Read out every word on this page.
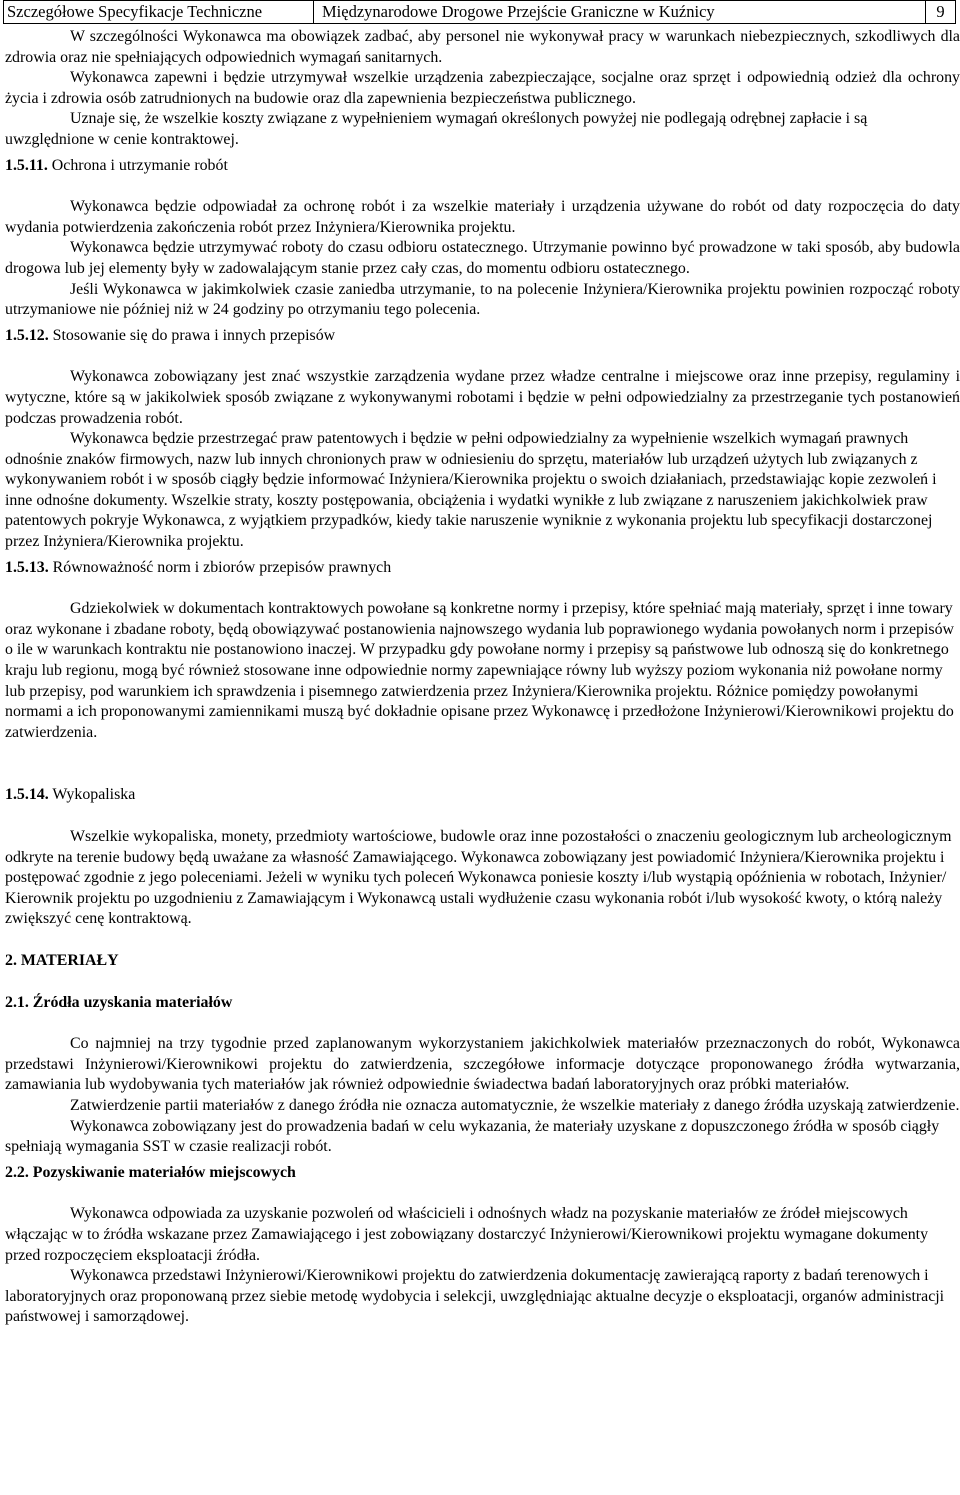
Szczegółowe Specyfikacje Techniczne	Międzynarodowe Drogowe Przejście Graniczne w Kuźnicy	9

W szczególności Wykonawca ma obowiązek zadbać, aby personel nie wykonywał pracy w warunkach niebezpiecznych, szkodliwych dla zdrowia oraz nie spełniających odpowiednich wymagań sanitarnych.

Wykonawca zapewni i będzie utrzymywał wszelkie urządzenia zabezpieczające, socjalne oraz sprzęt i odpowiednią odzież dla ochrony życia i zdrowia osób zatrudnionych na budowie oraz dla zapewnienia bezpieczeństwa publicznego.

Uznaje się, że wszelkie koszty związane z wypełnieniem wymagań określonych powyżej nie podlegają odrębnej zapłacie i są uwzględnione w cenie kontraktowej.

1.5.11. Ochrona i utrzymanie robót

Wykonawca będzie odpowiadał za ochronę robót i za wszelkie materiały i urządzenia używane do robót od daty rozpoczęcia do daty wydania potwierdzenia zakończenia robót przez Inżyniera/Kierownika projektu.

Wykonawca będzie utrzymywać roboty do czasu odbioru ostatecznego. Utrzymanie powinno być prowadzone w taki sposób, aby budowla drogowa lub jej elementy były w zadowalającym stanie przez cały czas, do momentu odbioru ostatecznego.

Jeśli Wykonawca w jakimkolwiek czasie zaniedba utrzymanie, to na polecenie Inżyniera/Kierownika projektu powinien rozpocząć roboty utrzymaniowe nie później niż w 24 godziny po otrzymaniu tego polecenia.

1.5.12. Stosowanie się do prawa i innych przepisów

Wykonawca zobowiązany jest znać wszystkie zarządzenia wydane przez władze centralne i miejscowe oraz inne przepisy, regulaminy i wytyczne, które są w jakikolwiek sposób związane z wykonywanymi robotami i będzie w pełni odpowiedzialny za przestrzeganie tych postanowień podczas prowadzenia robót.

Wykonawca będzie przestrzegać praw patentowych i będzie w pełni odpowiedzialny za wypełnienie wszelkich wymagań prawnych odnośnie znaków firmowych, nazw lub innych chronionych praw w odniesieniu do sprzętu, materiałów lub urządzeń użytych lub związanych z wykonywaniem robót i w sposób ciągły będzie informować Inżyniera/Kierownika projektu o swoich działaniach, przedstawiając kopie zezwoleń i inne odnośne dokumenty. Wszelkie straty, koszty postępowania, obciążenia i wydatki wynikłe z lub związane z naruszeniem jakichkolwiek praw patentowych pokryje Wykonawca, z wyjątkiem przypadków, kiedy takie naruszenie wyniknie z wykonania projektu lub specyfikacji dostarczonej przez Inżyniera/Kierownika projektu.

1.5.13. Równoważność norm i zbiorów przepisów prawnych

Gdziekolwiek w dokumentach kontraktowych powołane są konkretne normy i przepisy, które spełniać mają materiały, sprzęt i inne towary oraz wykonane i zbadane roboty, będą obowiązywać postanowienia najnowszego wydania lub poprawionego wydania powołanych norm i przepisów o ile w warunkach kontraktu nie postanowiono inaczej. W przypadku gdy powołane normy i przepisy są państwowe lub odnoszą się do konkretnego kraju lub regionu, mogą być również stosowane inne odpowiednie normy zapewniające równy lub wyższy poziom wykonania niż powołane normy lub przepisy, pod warunkiem ich sprawdzenia i pisemnego zatwierdzenia przez Inżyniera/Kierownika projektu. Różnice pomiędzy powołanymi normami a ich proponowanymi zamiennikami muszą być dokładnie opisane przez Wykonawcę i przedłożone Inżynierowi/Kierownikowi projektu do zatwierdzenia.

1.5.14. Wykopaliska

Wszelkie wykopaliska, monety, przedmioty wartościowe, budowle oraz inne pozostałości o znaczeniu geologicznym lub archeologicznym odkryte na terenie budowy będą uważane za własność Zamawiającego. Wykonawca zobowiązany jest powiadomić Inżyniera/Kierownika projektu i postępować zgodnie z jego poleceniami. Jeżeli w wyniku tych poleceń Wykonawca poniesie koszty i/lub wystąpią opóźnienia w robotach, Inżynier/ Kierownik projektu po uzgodnieniu z Zamawiającym i Wykonawcą ustali wydłużenie czasu wykonania robót i/lub wysokość kwoty, o którą należy zwiększyć cenę kontraktową.

2. MATERIAŁY

2.1. Źródła uzyskania materiałów

Co najmniej na trzy tygodnie przed zaplanowanym wykorzystaniem jakichkolwiek materiałów przeznaczonych do robót, Wykonawca przedstawi Inżynierowi/Kierownikowi projektu do zatwierdzenia, szczegółowe informacje dotyczące proponowanego źródła wytwarzania, zamawiania lub wydobywania tych materiałów jak również odpowiednie świadectwa badań laboratoryjnych oraz próbki materiałów.

Zatwierdzenie partii materiałów z danego źródła nie oznacza automatycznie, że wszelkie materiały z danego źródła uzyskają zatwierdzenie.

Wykonawca zobowiązany jest do prowadzenia badań w celu wykazania, że materiały uzyskane z dopuszczonego źródła w sposób ciągły spełniają wymagania SST w czasie realizacji robót.

2.2. Pozyskiwanie materiałów miejscowych

Wykonawca odpowiada za uzyskanie pozwoleń od właścicieli i odnośnych władz na pozyskanie materiałów ze źródeł miejscowych włączając w to źródła wskazane przez Zamawiającego i jest zobowiązany dostarczyć Inżynierowi/Kierownikowi projektu wymagane dokumenty przed rozpoczęciem eksploatacji źródła.

Wykonawca przedstawi Inżynierowi/Kierownikowi projektu do zatwierdzenia dokumentację zawierającą raporty z badań terenowych i laboratoryjnych oraz proponowaną przez siebie metodę wydobycia i selekcji, uwzględniając aktualne decyzje o eksploatacji, organów administracji państwowej i samorządowej.
